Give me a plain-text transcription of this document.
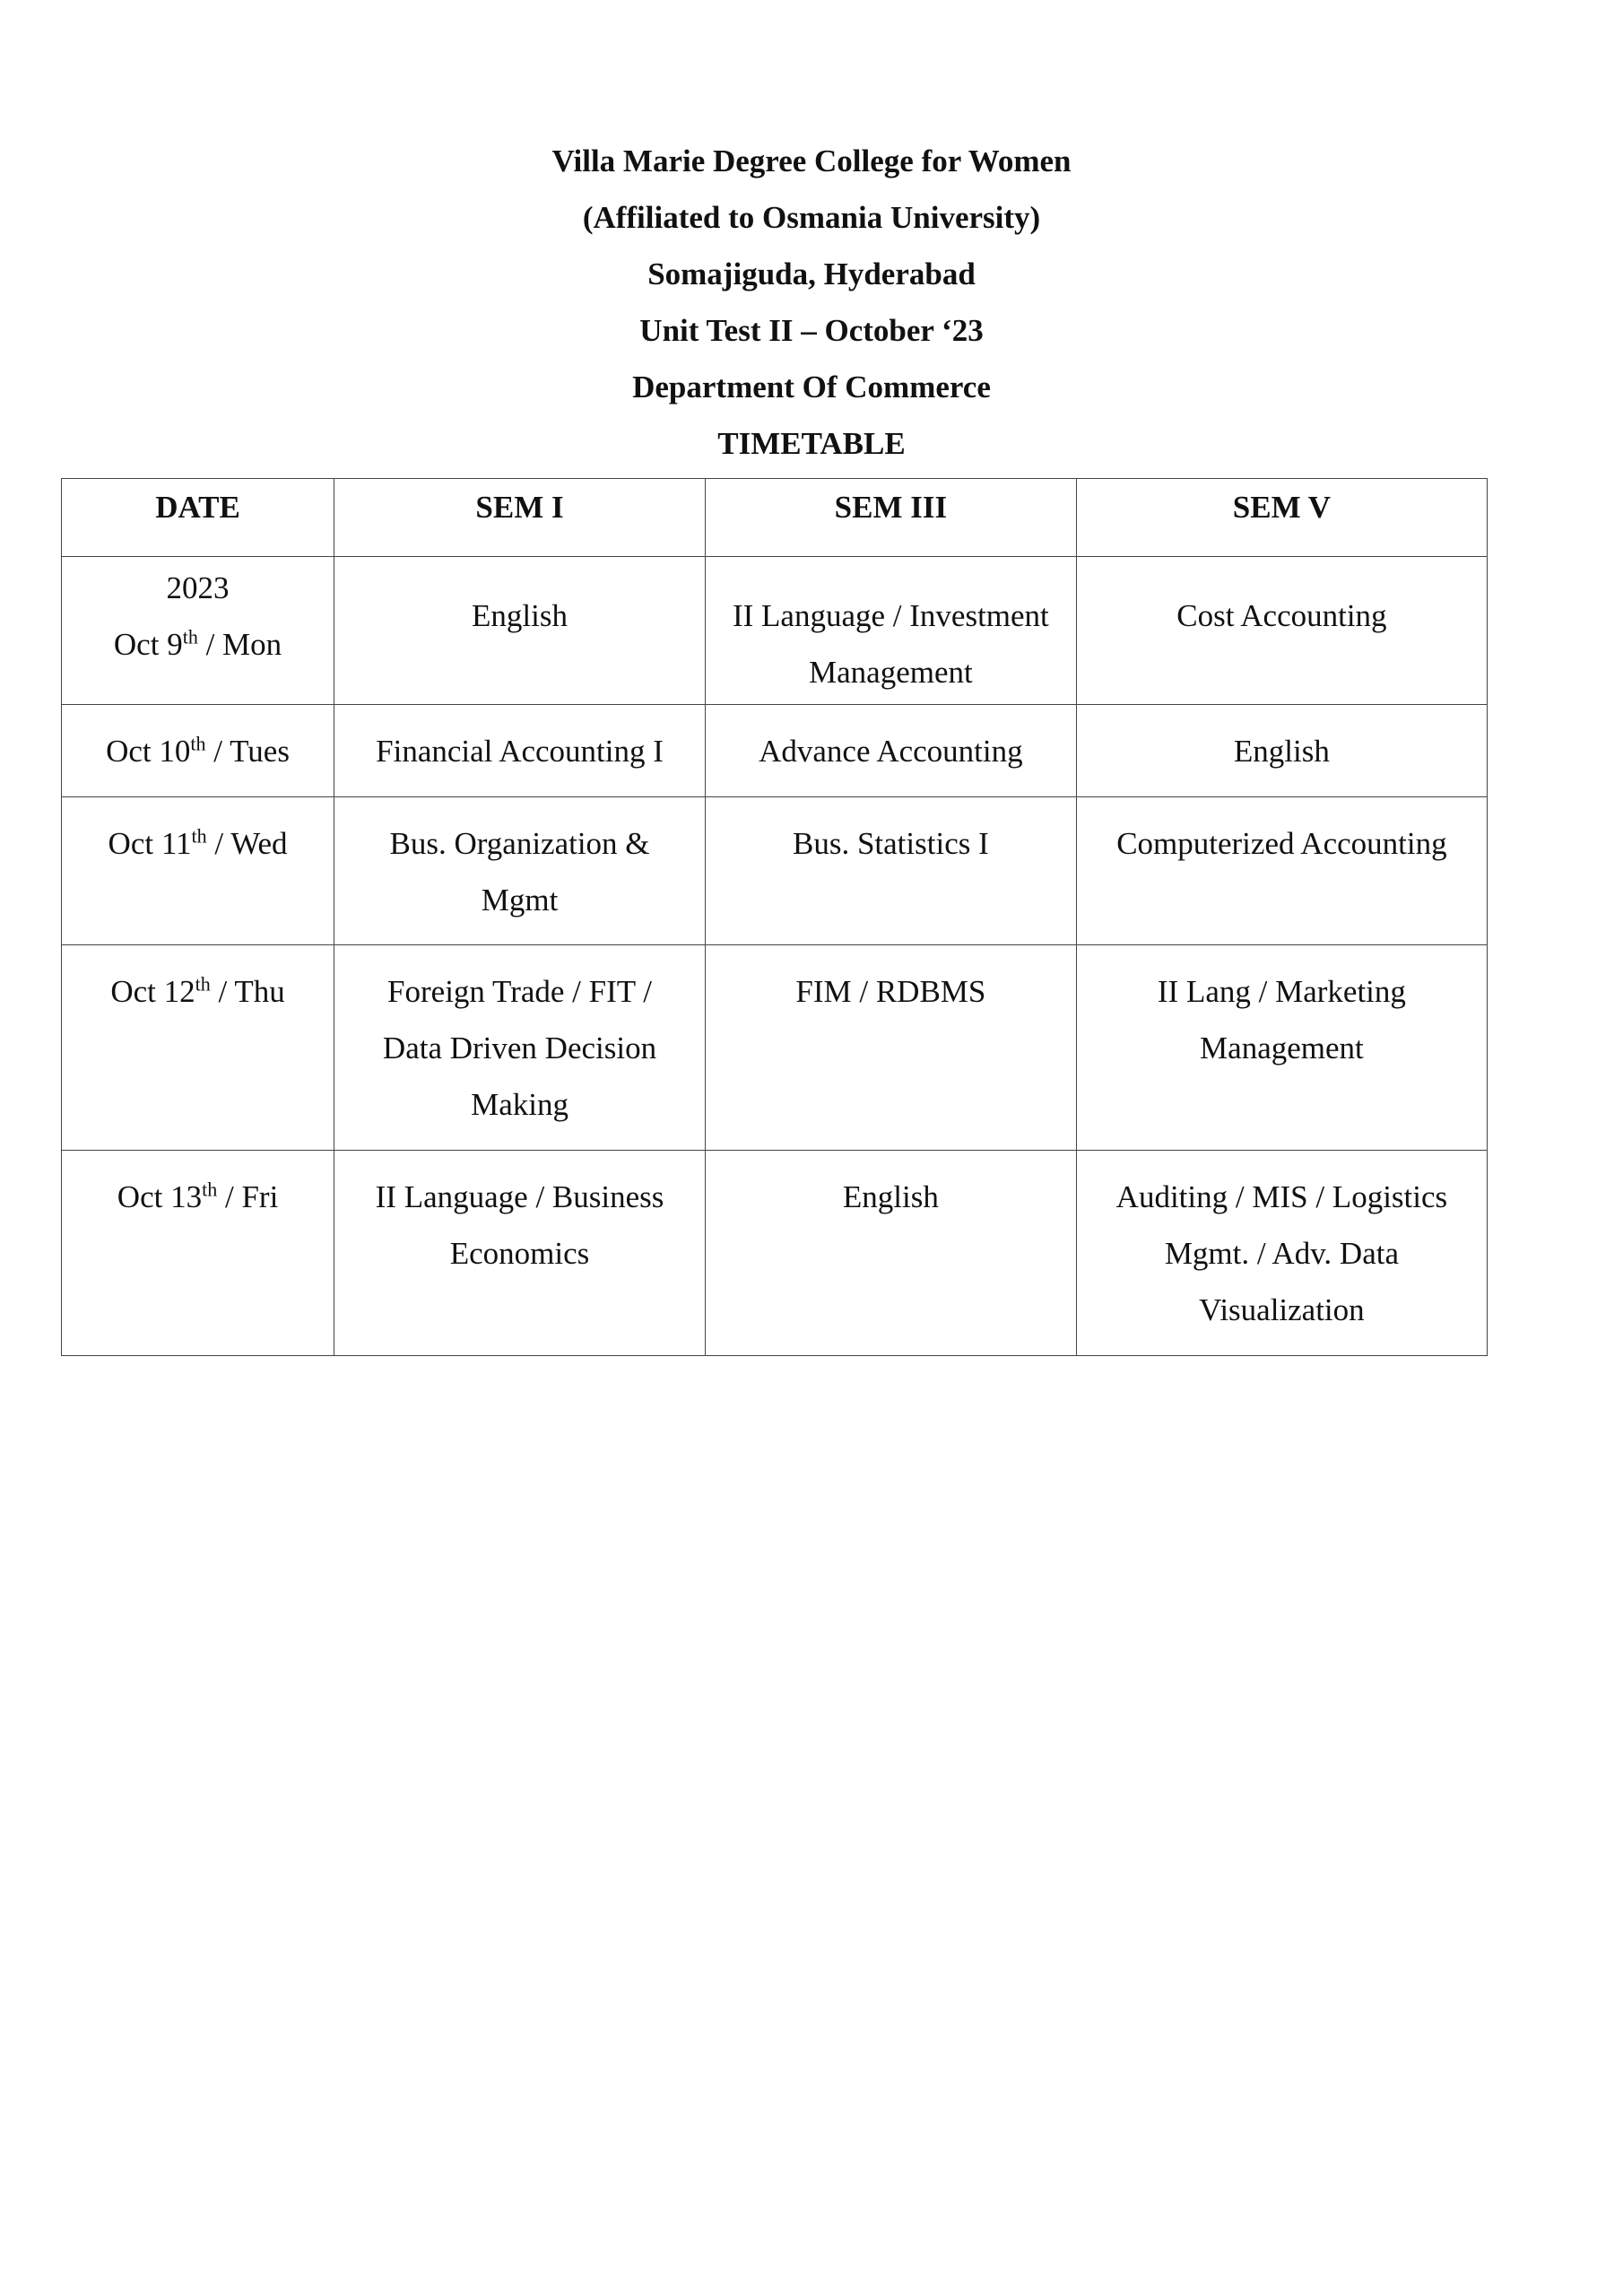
Villa Marie Degree College for Women
(Affiliated to Osmania University)
Somajiguda, Hyderabad
Unit Test II – October ‘23
Department Of Commerce
TIMETABLE
DATE	SEM I	SEM III	SEM V

2023
Oct 9th / Mon	English	II Language / Investment Management	Cost Accounting
Oct 10th / Tues	Financial Accounting I	Advance Accounting	English
Oct 11th / Wed	Bus. Organization & Mgmt	Bus. Statistics I	Computerized Accounting
Oct 12th / Thu	Foreign Trade / FIT / Data Driven Decision Making	FIM / RDBMS	II Lang / Marketing Management
Oct 13th / Fri	II Language / Business Economics	English	Auditing / MIS / Logistics Mgmt. / Adv. Data Visualization
